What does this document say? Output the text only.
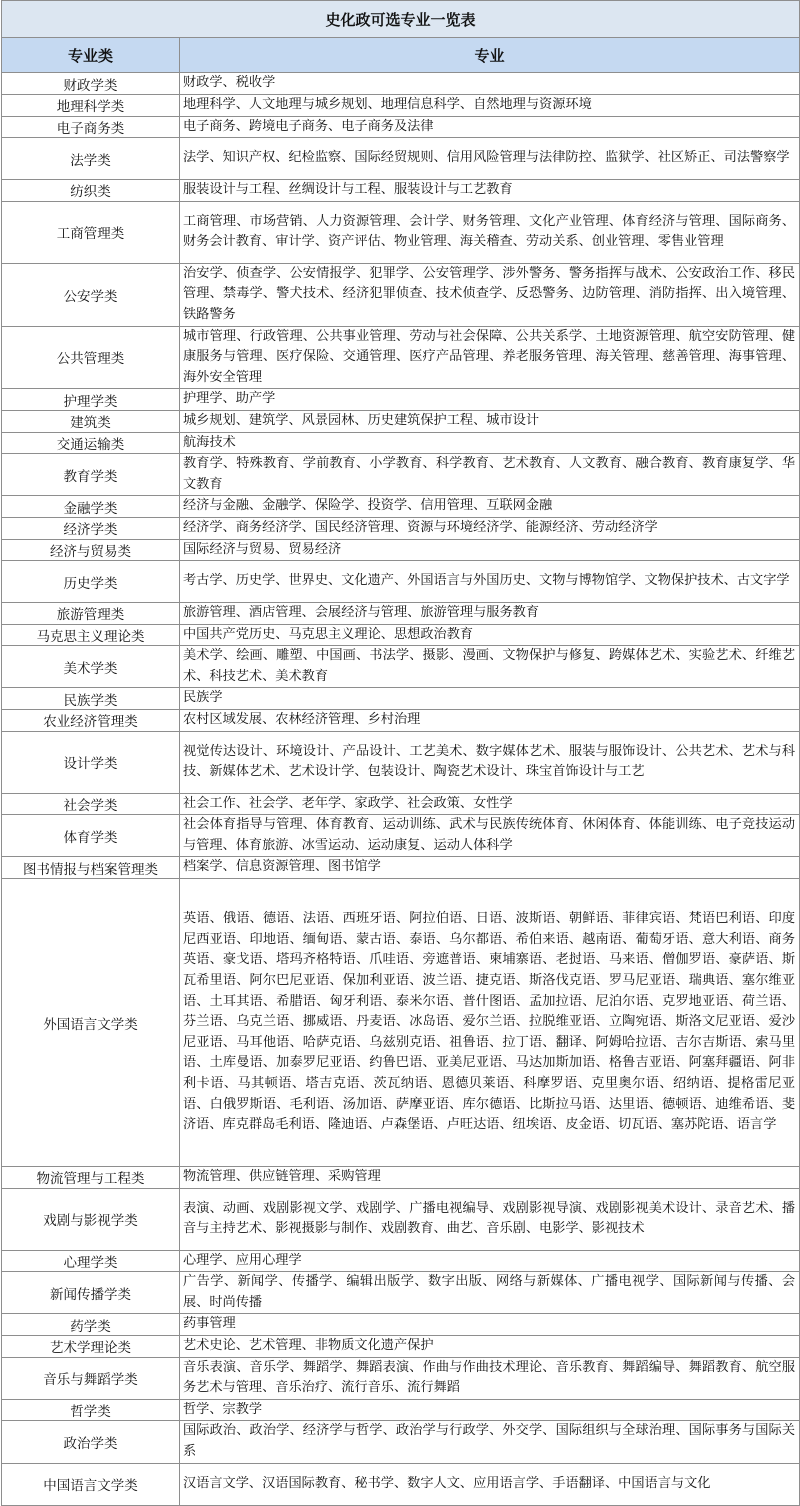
史化政可选专业一览表	
专业类	专业
财政学类	财政学、税收学
地理科学类	地理科学、人文地理与城乡规划、地理信息科学、自然地理与资源环境
电子商务类	电子商务、跨境电子商务、电子商务及法律
法学类	法学、知识产权、纪检监察、国际经贸规则、信用风险管理与法律防控、监狱学、社区矫正、司法警察学
纺织类	服装设计与工程、丝绸设计与工程、服装设计与工艺教育
工商管理类	工商管理、市场营销、人力资源管理、会计学、财务管理、文化产业管理、体育经济与管理、国际商务、财务会计教育、审计学、资产评估、物业管理、海关稽查、劳动关系、创业管理、零售业管理
公安学类	治安学、侦查学、公安情报学、犯罪学、公安管理学、涉外警务、警务指挥与战术、公安政治工作、移民管理、禁毒学、警犬技术、经济犯罪侦查、技术侦查学、反恐警务、边防管理、消防指挥、出入境管理、铁路警务
公共管理类	城市管理、行政管理、公共事业管理、劳动与社会保障、公共关系学、土地资源管理、航空安防管理、健康服务与管理、医疗保险、交通管理、医疗产品管理、养老服务管理、海关管理、慈善管理、海事管理、海外安全管理
护理学类	护理学、助产学
建筑类	城乡规划、建筑学、风景园林、历史建筑保护工程、城市设计
交通运输类	航海技术
教育学类	教育学、特殊教育、学前教育、小学教育、科学教育、艺术教育、人文教育、融合教育、教育康复学、华文教育
金融学类	经济与金融、金融学、保险学、投资学、信用管理、互联网金融
经济学类	经济学、商务经济学、国民经济管理、资源与环境经济学、能源经济、劳动经济学
经济与贸易类	国际经济与贸易、贸易经济
历史学类	考古学、历史学、世界史、文化遗产、外国语言与外国历史、文物与博物馆学、文物保护技术、古文字学
旅游管理类	旅游管理、酒店管理、会展经济与管理、旅游管理与服务教育
马克思主义理论类	中国共产党历史、马克思主义理论、思想政治教育
美术学类	美术学、绘画、雕塑、中国画、书法学、摄影、漫画、文物保护与修复、跨媒体艺术、实验艺术、纤维艺术、科技艺术、美术教育
民族学类	民族学
农业经济管理类	农村区域发展、农林经济管理、乡村治理
设计学类	视觉传达设计、环境设计、产品设计、工艺美术、数字媒体艺术、服装与服饰设计、公共艺术、艺术与科技、新媒体艺术、艺术设计学、包装设计、陶瓷艺术设计、珠宝首饰设计与工艺
社会学类	社会工作、社会学、老年学、家政学、社会政策、女性学
体育学类	社会体育指导与管理、体育教育、运动训练、武术与民族传统体育、休闲体育、体能训练、电子竞技运动与管理、体育旅游、冰雪运动、运动康复、运动人体科学
图书情报与档案管理类	档案学、信息资源管理、图书馆学
外国语言文学类	英语、俄语、德语、法语、西班牙语、阿拉伯语、日语、波斯语、朝鲜语、菲律宾语、梵语巴利语、印度尼西亚语、印地语、缅甸语、蒙古语、泰语、乌尔都语、希伯来语、越南语、葡萄牙语、意大利语、商务英语、豪戈语、塔玛齐格特语、爪哇语、旁遮普语、柬埔寨语、老挝语、马来语、僧伽罗语、豪萨语、斯瓦希里语、阿尔巴尼亚语、保加利亚语、波兰语、捷克语、斯洛伐克语、罗马尼亚语、瑞典语、塞尔维亚语、土耳其语、希腊语、匈牙利语、泰米尔语、普什图语、孟加拉语、尼泊尔语、克罗地亚语、荷兰语、芬兰语、乌克兰语、挪威语、丹麦语、冰岛语、爱尔兰语、拉脱维亚语、立陶宛语、斯洛文尼亚语、爱沙尼亚语、马耳他语、哈萨克语、乌兹别克语、祖鲁语、拉丁语、翻译、阿姆哈拉语、吉尔吉斯语、索马里语、土库曼语、加泰罗尼亚语、约鲁巴语、亚美尼亚语、马达加斯加语、格鲁吉亚语、阿塞拜疆语、阿非利卡语、马其顿语、塔吉克语、茨瓦纳语、恩德贝莱语、科摩罗语、克里奥尔语、绍纳语、提格雷尼亚语、白俄罗斯语、毛利语、汤加语、萨摩亚语、库尔德语、比斯拉马语、达里语、德顿语、迪维希语、斐济语、库克群岛毛利语、隆迪语、卢森堡语、卢旺达语、纽埃语、皮金语、切瓦语、塞苏陀语、语言学
物流管理与工程类	物流管理、供应链管理、采购管理
戏剧与影视学类	表演、动画、戏剧影视文学、戏剧学、广播电视编导、戏剧影视导演、戏剧影视美术设计、录音艺术、播音与主持艺术、影视摄影与制作、戏剧教育、曲艺、音乐剧、电影学、影视技术
心理学类	心理学、应用心理学
新闻传播学类	广告学、新闻学、传播学、编辑出版学、数字出版、网络与新媒体、广播电视学、国际新闻与传播、会展、时尚传播
药学类	药事管理
艺术学理论类	艺术史论、艺术管理、非物质文化遗产保护
音乐与舞蹈学类	音乐表演、音乐学、舞蹈学、舞蹈表演、作曲与作曲技术理论、音乐教育、舞蹈编导、舞蹈教育、航空服务艺术与管理、音乐治疗、流行音乐、流行舞蹈
哲学类	哲学、宗教学
政治学类	国际政治、政治学、经济学与哲学、政治学与行政学、外交学、国际组织与全球治理、国际事务与国际关系
中国语言文学类	汉语言文学、汉语国际教育、秘书学、数字人文、应用语言学、手语翻译、中国语言与文化
